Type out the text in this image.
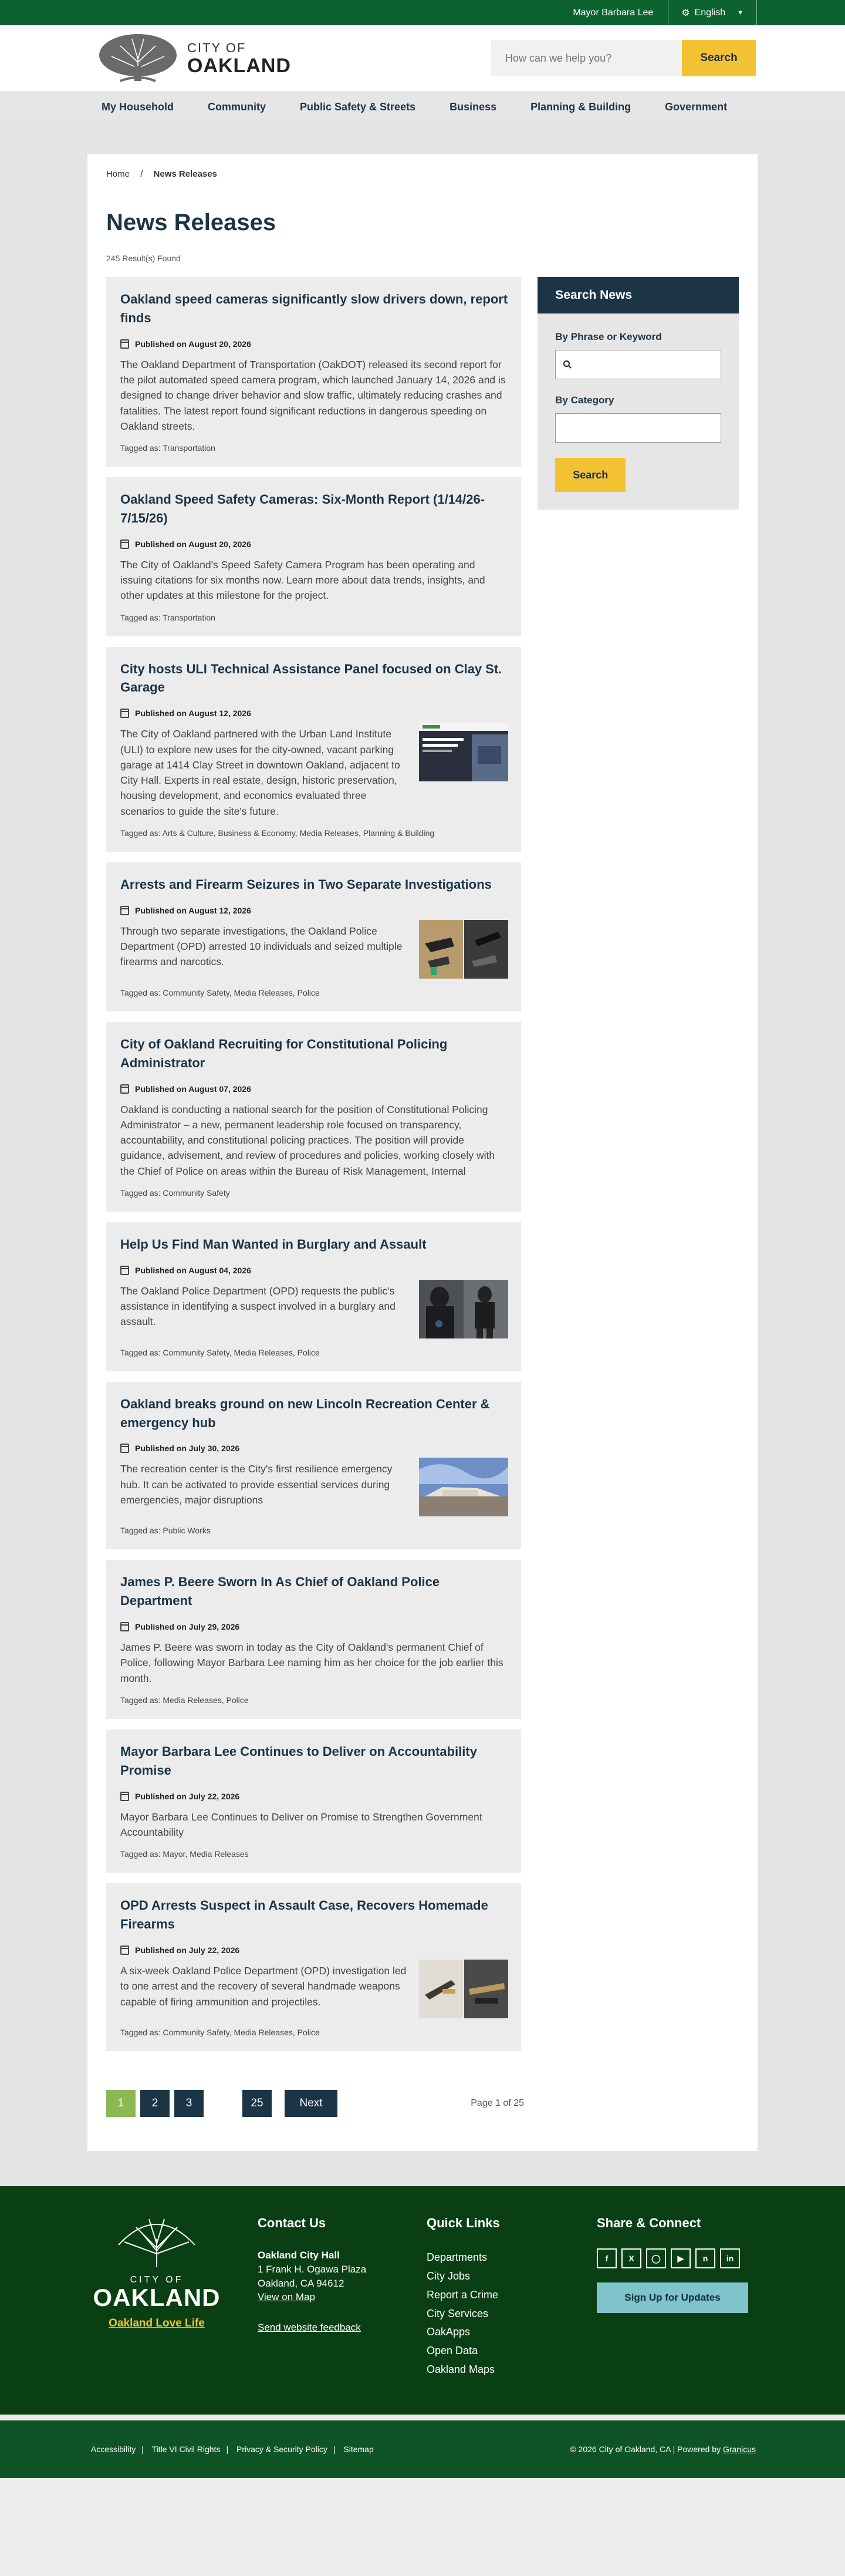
Mayor Barbara Lee	⚙ English ▼
CITY OF
OAKLAND
How can we help you?	Search
My Household	Community	Public Safety & Streets	Business	Planning & Building	Government
Home / News Releases
News Releases
245 Result(s) Found
Oakland speed cameras significantly slow drivers down, report finds
Published on August 20, 2026

The Oakland Department of Transportation (OakDOT) released its second report for the pilot automated speed camera program, which launched January 14, 2026 and is designed to change driver behavior and slow traffic, ultimately reducing crashes and fatalities. The latest report found significant reductions in dangerous speeding on Oakland streets.

Tagged as: Transportation
Oakland Speed Safety Cameras: Six-Month Report (1/14/26-7/15/26)
Published on August 20, 2026

The City of Oakland's Speed Safety Camera Program has been operating and issuing citations for six months now. Learn more about data trends, insights, and other updates at this milestone for the project.

Tagged as: Transportation
City hosts ULI Technical Assistance Panel focused on Clay St. Garage
Published on August 12, 2026

The City of Oakland partnered with the Urban Land Institute (ULI) to explore new uses for the city-owned, vacant parking garage at 1414 Clay Street in downtown Oakland, adjacent to City Hall. Experts in real estate, design, historic preservation, housing development, and economics evaluated three scenarios to guide the site's future.

Tagged as: Arts & Culture, Business & Economy, Media Releases, Planning & Building
Arrests and Firearm Seizures in Two Separate Investigations
Published on August 12, 2026

Through two separate investigations, the Oakland Police Department (OPD) arrested 10 individuals and seized multiple firearms and narcotics.

Tagged as: Community Safety, Media Releases, Police
City of Oakland Recruiting for Constitutional Policing Administrator
Published on August 07, 2026

Oakland is conducting a national search for the position of Constitutional Policing Administrator – a new, permanent leadership role focused on transparency, accountability, and constitutional policing practices. The position will provide guidance, advisement, and review of procedures and policies, working closely with the Chief of Police on areas within the Bureau of Risk Management, Internal

Tagged as: Community Safety
Help Us Find Man Wanted in Burglary and Assault
Published on August 04, 2026

The Oakland Police Department (OPD) requests the public's assistance in identifying a suspect involved in a burglary and assault.

Tagged as: Community Safety, Media Releases, Police
Oakland breaks ground on new Lincoln Recreation Center & emergency hub
Published on July 30, 2026

The recreation center is the City's first resilience emergency hub. It can be activated to provide essential services during emergencies, major disruptions

Tagged as: Public Works
James P. Beere Sworn In As Chief of Oakland Police Department
Published on July 29, 2026

James P. Beere was sworn in today as the City of Oakland's permanent Chief of Police, following Mayor Barbara Lee naming him as her choice for the job earlier this month.

Tagged as: Media Releases, Police
Mayor Barbara Lee Continues to Deliver on Accountability Promise
Published on July 22, 2026

Mayor Barbara Lee Continues to Deliver on Promise to Strengthen Government Accountability

Tagged as: Mayor, Media Releases
OPD Arrests Suspect in Assault Case, Recovers Homemade Firearms
Published on July 22, 2026

A six-week Oakland Police Department (OPD) investigation led to one arrest and the recovery of several handmade weapons capable of firing ammunition and projectiles.

Tagged as: Community Safety, Media Releases, Police
Search News
By Phrase or Keyword
By Category
Search
1	2	3	25	Next	Page 1 of 25
CITY OF
OAKLAND
Oakland Love Life
Contact Us
Oakland City Hall
1 Frank H. Ogawa Plaza
Oakland, CA 94612
View on Map
Send website feedback
Quick Links
Departments
City Jobs
Report a Crime
City Services
OakApps
Open Data
Oakland Maps
Share & Connect
f	X	◯	▶	n	in
Sign Up for Updates
Accessibility | Title VI Civil Rights | Privacy & Security Policy | Sitemap	© 2026 City of Oakland, CA | Powered by Granicus
